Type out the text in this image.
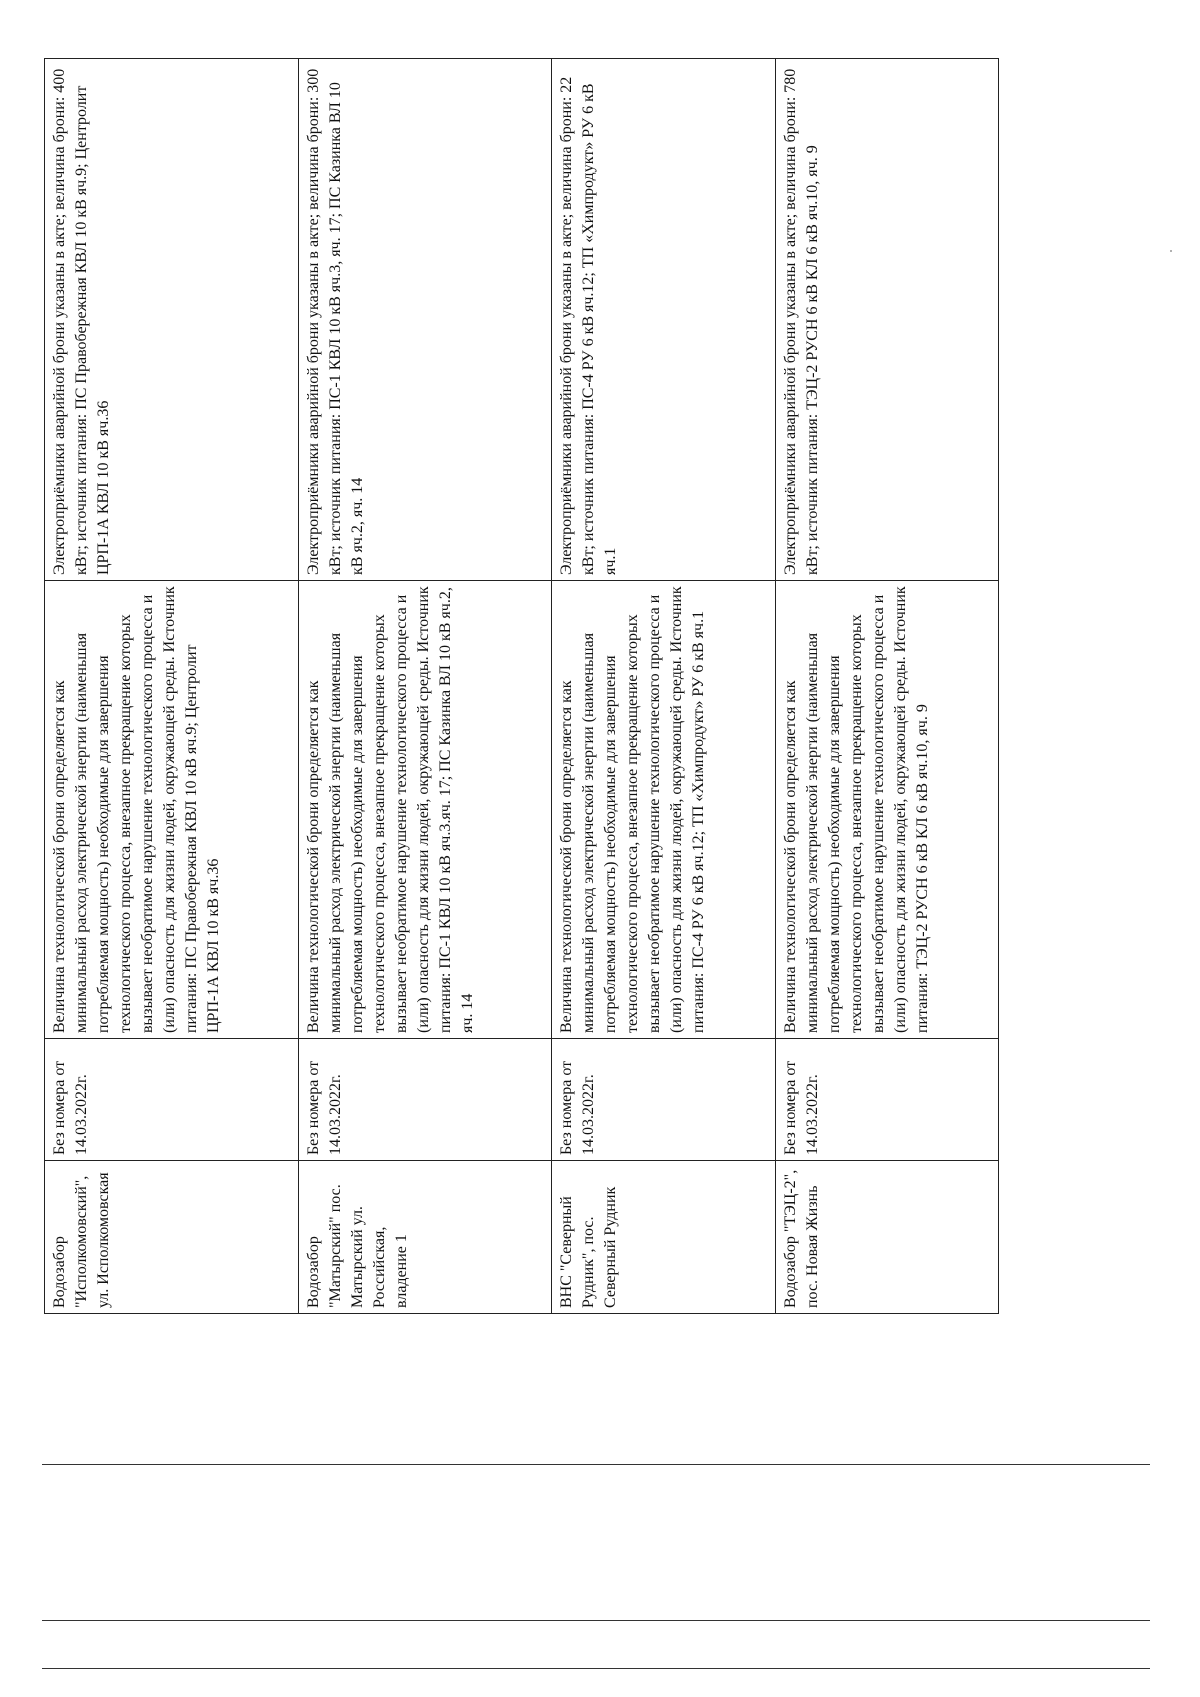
Водозабор "Исполкомовский", ул. Исполкомовская	Без номера от 14.03.2022г.	Величина технологической брони определяется как минимальный расход электрической энергии (наименьшая потребляемая мощность) необходимые для завершения технологического процесса, внезапное прекращение которых вызывает необратимое нарушение технологического процесса и (или) опасность для жизни людей, окружающей среды. Источник питания: ПС Правобережная КВЛ 10 кВ яч.9; Центролит ЦРП-1А КВЛ 10 кВ яч.36	Электроприёмники аварийной брони указаны в акте; величина брони: 400 кВт; источник питания: ПС Правобережная КВЛ 10 кВ яч.9; Центролит ЦРП-1А КВЛ 10 кВ яч.36
Водозабор "Матырский" пос. Матырский ул. Российская, владение 1	Без номера от 14.03.2022г.	Величина технологической брони определяется как минимальный расход электрической энергии (наименьшая потребляемая мощность) необходимые для завершения технологического процесса, внезапное прекращение которых вызывает необратимое нарушение технологического процесса и (или) опасность для жизни людей, окружающей среды. Источник питания: ПС-1 КВЛ 10 кВ яч.3.яч. 17; ПС Казинка ВЛ 10 кВ яч.2, яч. 14	Электроприёмники аварийной брони указаны в акте; величина брони: 300 кВт; источник питания: ПС-1 КВЛ 10 кВ яч.3, яч. 17; ПС Казинка ВЛ 10 кВ яч.2, яч. 14
ВНС "Северный Рудник", пос. Северный Рудник	Без номера от 14.03.2022г.	Величина технологической брони определяется как минимальный расход электрической энергии (наименьшая потребляемая мощность) необходимые для завершения технологического процесса, внезапное прекращение которых вызывает необратимое нарушение технологического процесса и (или) опасность для жизни людей, окружающей среды. Источник питания: ПС-4 РУ 6 кВ яч.12; ТП «Химпродукт» РУ 6 кВ яч.1	Электроприёмники аварийной брони указаны в акте; величина брони: 22 кВт; источник питания: ПС-4 РУ 6 кВ яч.12; ТП «Химпродукт» РУ 6 кВ яч.1
Водозабор "ТЭЦ-2", пос. Новая Жизнь	Без номера от 14.03.2022г.	Величина технологической брони определяется как минимальный расход электрической энергии (наименьшая потребляемая мощность) необходимые для завершения технологического процесса, внезапное прекращение которых вызывает необратимое нарушение технологического процесса и (или) опасность для жизни людей, окружающей среды. Источник питания: ТЭЦ-2 РУСН 6 кВ КЛ 6 кВ яч.10, яч. 9	Электроприёмники аварийной брони указаны в акте; величина брони: 780 кВт; источник питания: ТЭЦ-2 РУСН 6 кВ КЛ 6 кВ яч.10, яч. 9
